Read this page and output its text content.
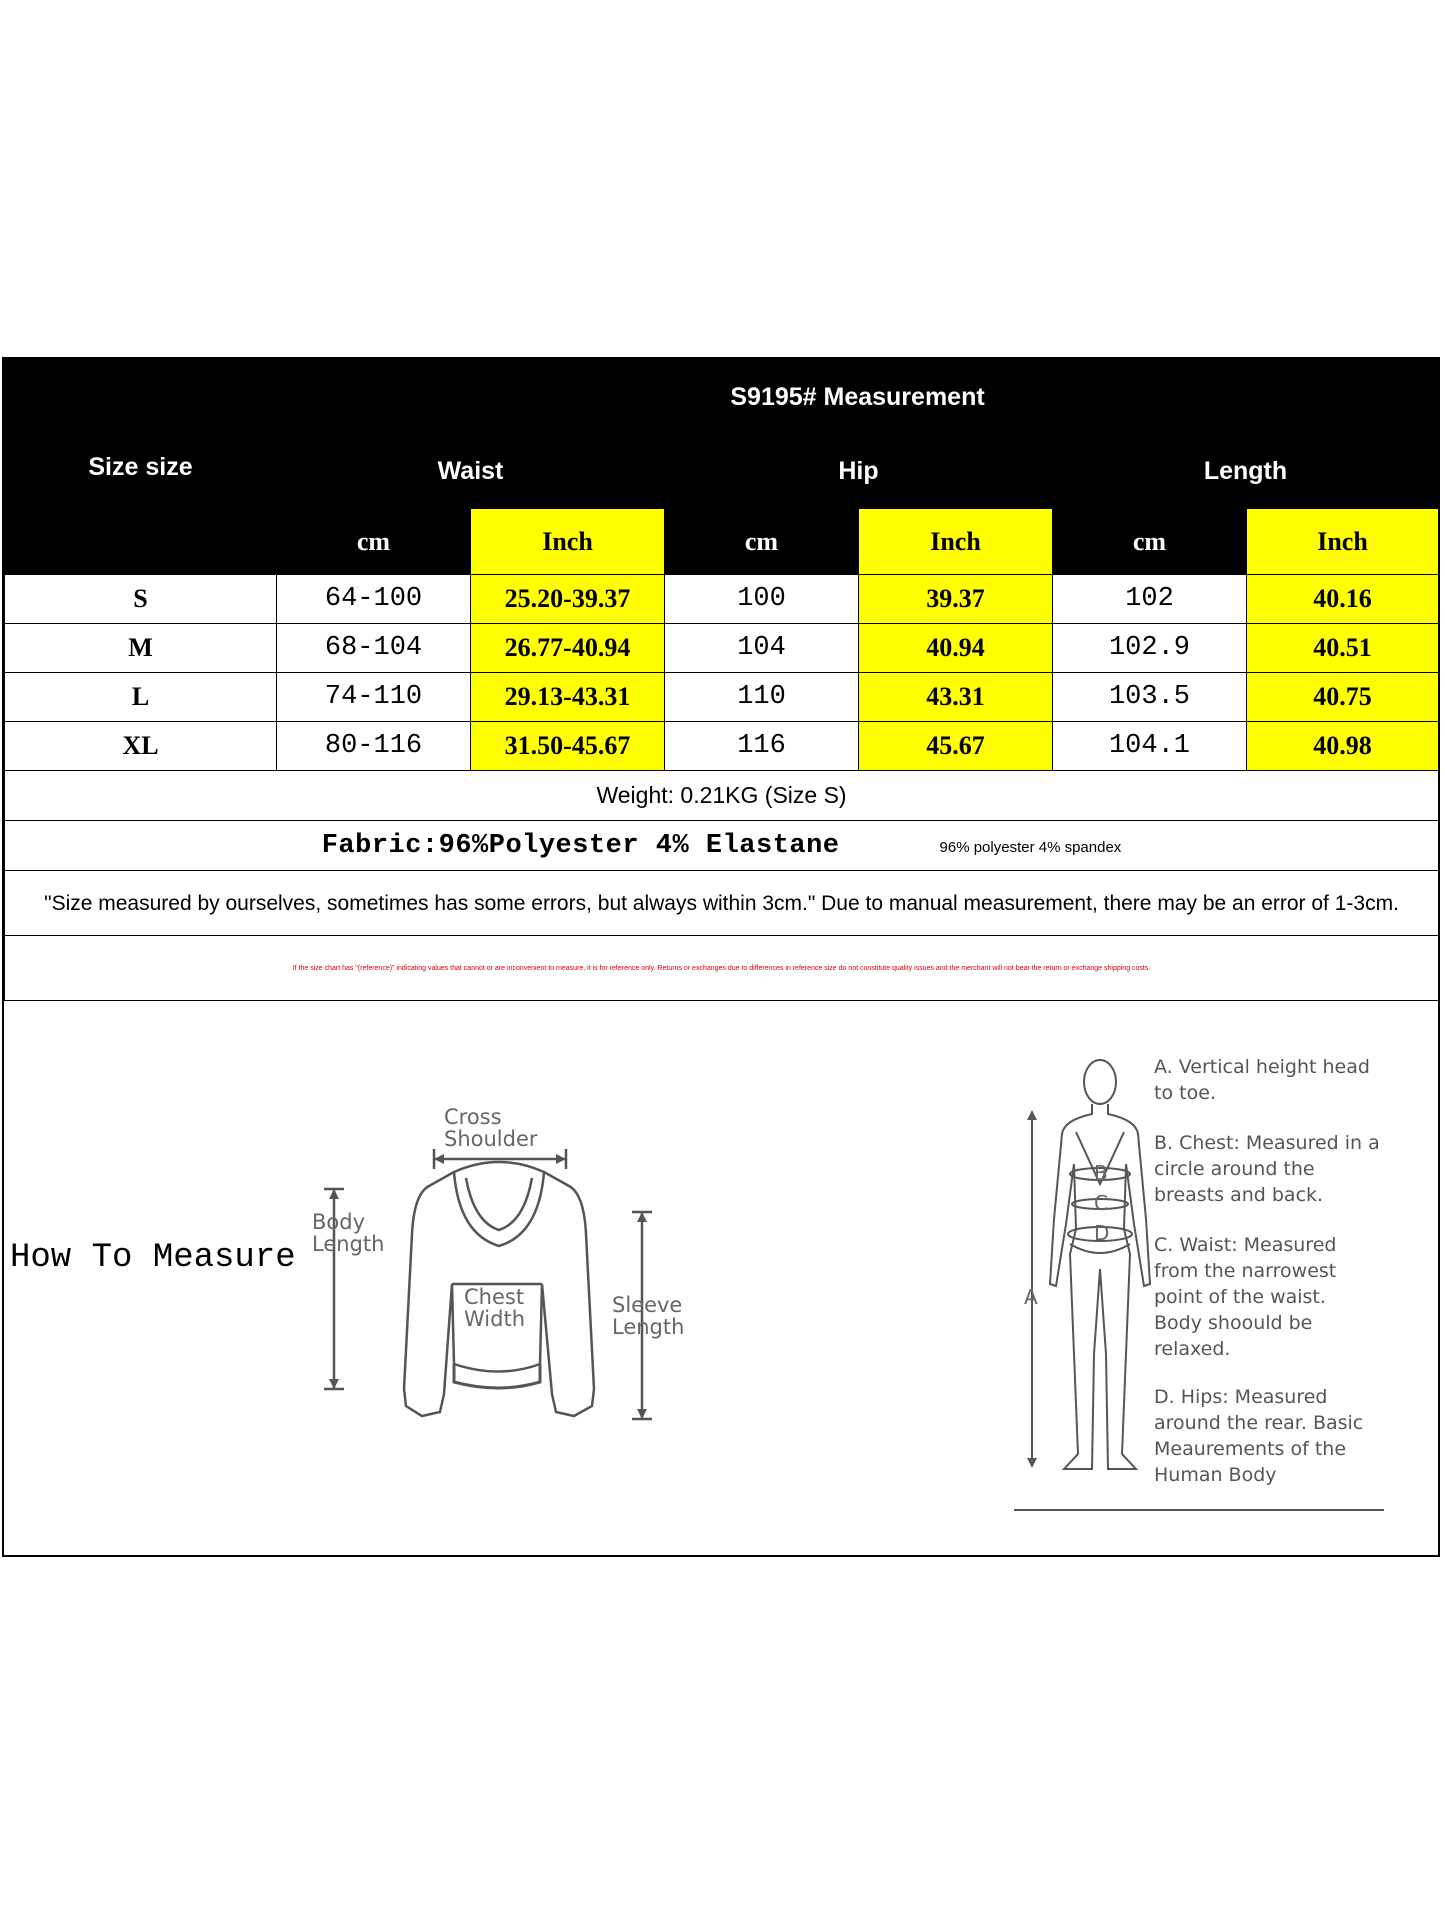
Size size	S9195# Measurement					
	Waist		Hip		Length	
	cm	Inch	cm	Inch	cm	Inch
S	64-100	25.20-39.37	100	39.37	102	40.16
M	68-104	26.77-40.94	104	40.94	102.9	40.51
L	74-110	29.13-43.31	110	43.31	103.5	40.75
XL	80-116	31.50-45.67	116	45.67	104.1	40.98
Weight: 0.21KG (Size S)						
Fabric:96%Polyester 4% Elastane 96% polyester 4% spandex						
"Size measured by ourselves, sometimes has some errors, but always within 3cm." Due to manual measurement, there may be an error of 1-3cm.						
If the size chart has "(reference)" indicating values that cannot or are inconvenient to measure, it is for reference only. Returns or exchanges due to differences in reference size do not constitute quality issues and the merchant will not bear the return or exchange shipping costs.						
How To Measure
Cross
Shoulder
Body
Length
Chest
Width
Sleeve
Length
A
B
C
D
A. Vertical height head to toe.
B. Chest: Measured in a circle around the breasts and back.
C. Waist: Measured from the narrowest point of the waist. Body shoould be relaxed.
D. Hips: Measured around the rear. Basic Meaurements of the Human Body
